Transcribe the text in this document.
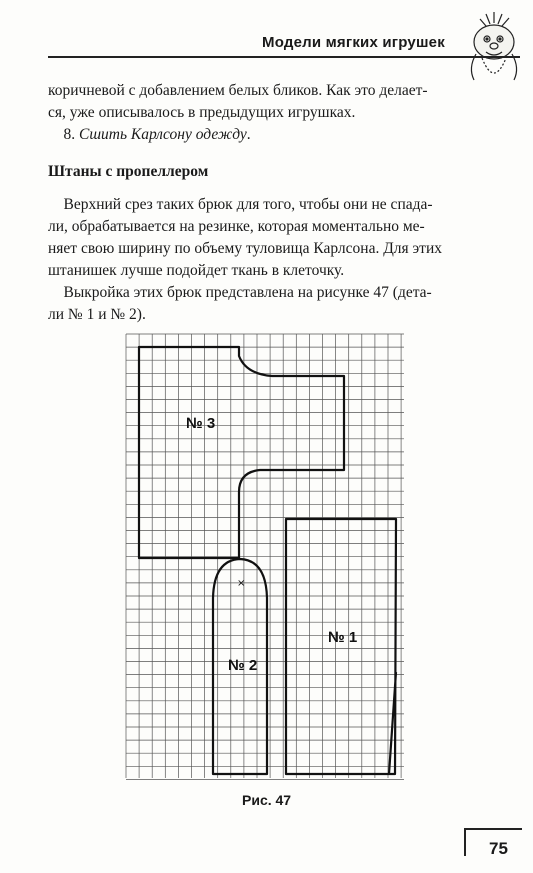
Модели мягких игрушек
коричневой с добавлением белых бликов. Как это делает-
ся, уже описывалось в предыдущих игрушках.
8. Сшить Карлсону одежду.
Штаны с пропеллером
Верхний срез таких брюк для того, чтобы они не спада-
ли, обрабатывается на резинке, которая моментально ме-
няет свою ширину по объему туловища Карлсона. Для этих
штанишек лучше подойдет ткань в клеточку.
Выкройка этих брюк представлена на рисунке 47 (дета-
ли № 1 и № 2).
×
№ 3
№ 2
№ 1
Рис. 47
75
